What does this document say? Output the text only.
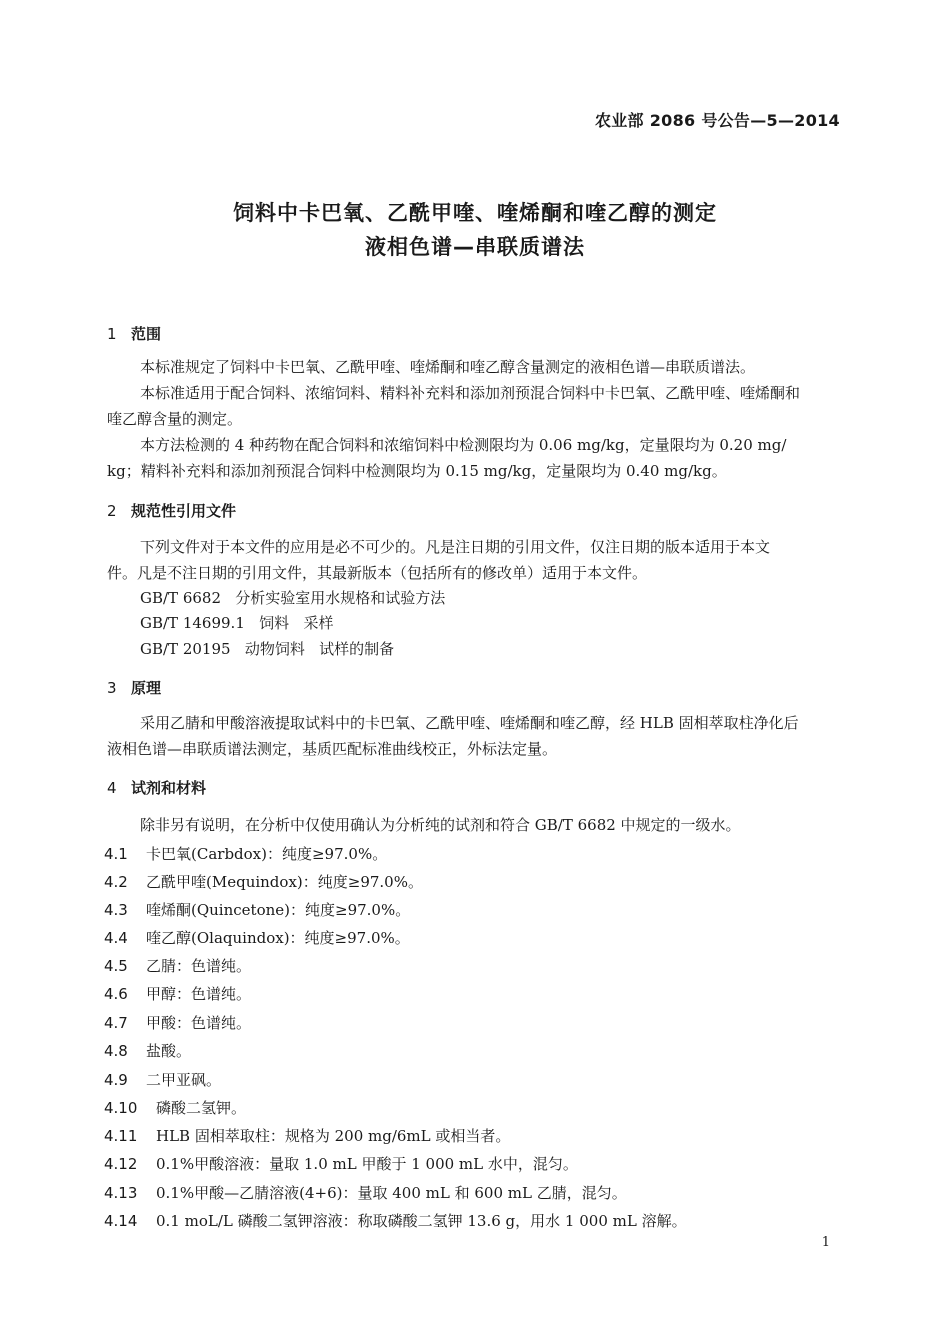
农业部 2086 号公告—5—2014
饲料中卡巴氧、乙酰甲喹、喹烯酮和喹乙醇的测定
液相色谱—串联质谱法
1 范围
本标准规定了饲料中卡巴氧、乙酰甲喹、喹烯酮和喹乙醇含量测定的液相色谱—串联质谱法。
本标准适用于配合饲料、浓缩饲料、精料补充料和添加剂预混合饲料中卡巴氧、乙酰甲喹、喹烯酮和
喹乙醇含量的测定。
本方法检测的 4 种药物在配合饲料和浓缩饲料中检测限均为 0.06 mg/kg，定量限均为 0.20 mg/
kg；精料补充料和添加剂预混合饲料中检测限均为 0.15 mg/kg，定量限均为 0.40 mg/kg。
2 规范性引用文件
下列文件对于本文件的应用是必不可少的。凡是注日期的引用文件，仅注日期的版本适用于本文
件。凡是不注日期的引用文件，其最新版本（包括所有的修改单）适用于本文件。
GB/T 6682   分析实验室用水规格和试验方法
GB/T 14699.1   饲料   采样
GB/T 20195   动物饲料   试样的制备
3 原理
采用乙腈和甲酸溶液提取试料中的卡巴氧、乙酰甲喹、喹烯酮和喹乙醇，经 HLB 固相萃取柱净化后
液相色谱—串联质谱法测定，基质匹配标准曲线校正，外标法定量。
4 试剂和材料
除非另有说明，在分析中仅使用确认为分析纯的试剂和符合 GB/T 6682 中规定的一级水。
4.1 卡巴氧(Carbdox)：纯度≥97.0%。
4.2 乙酰甲喹(Mequindox)：纯度≥97.0%。
4.3 喹烯酮(Quincetone)：纯度≥97.0%。
4.4 喹乙醇(Olaquindox)：纯度≥97.0%。
4.5 乙腈：色谱纯。
4.6 甲醇：色谱纯。
4.7 甲酸：色谱纯。
4.8 盐酸。
4.9 二甲亚砜。
4.10 磷酸二氢钾。
4.11 HLB 固相萃取柱：规格为 200 mg/6mL 或相当者。
4.12 0.1%甲酸溶液：量取 1.0 mL 甲酸于 1 000 mL 水中，混匀。
4.13 0.1%甲酸—乙腈溶液(4+6)：量取 400 mL 和 600 mL 乙腈，混匀。
4.14 0.1 moL/L 磷酸二氢钾溶液：称取磷酸二氢钾 13.6 g，用水 1 000 mL 溶解。
1
